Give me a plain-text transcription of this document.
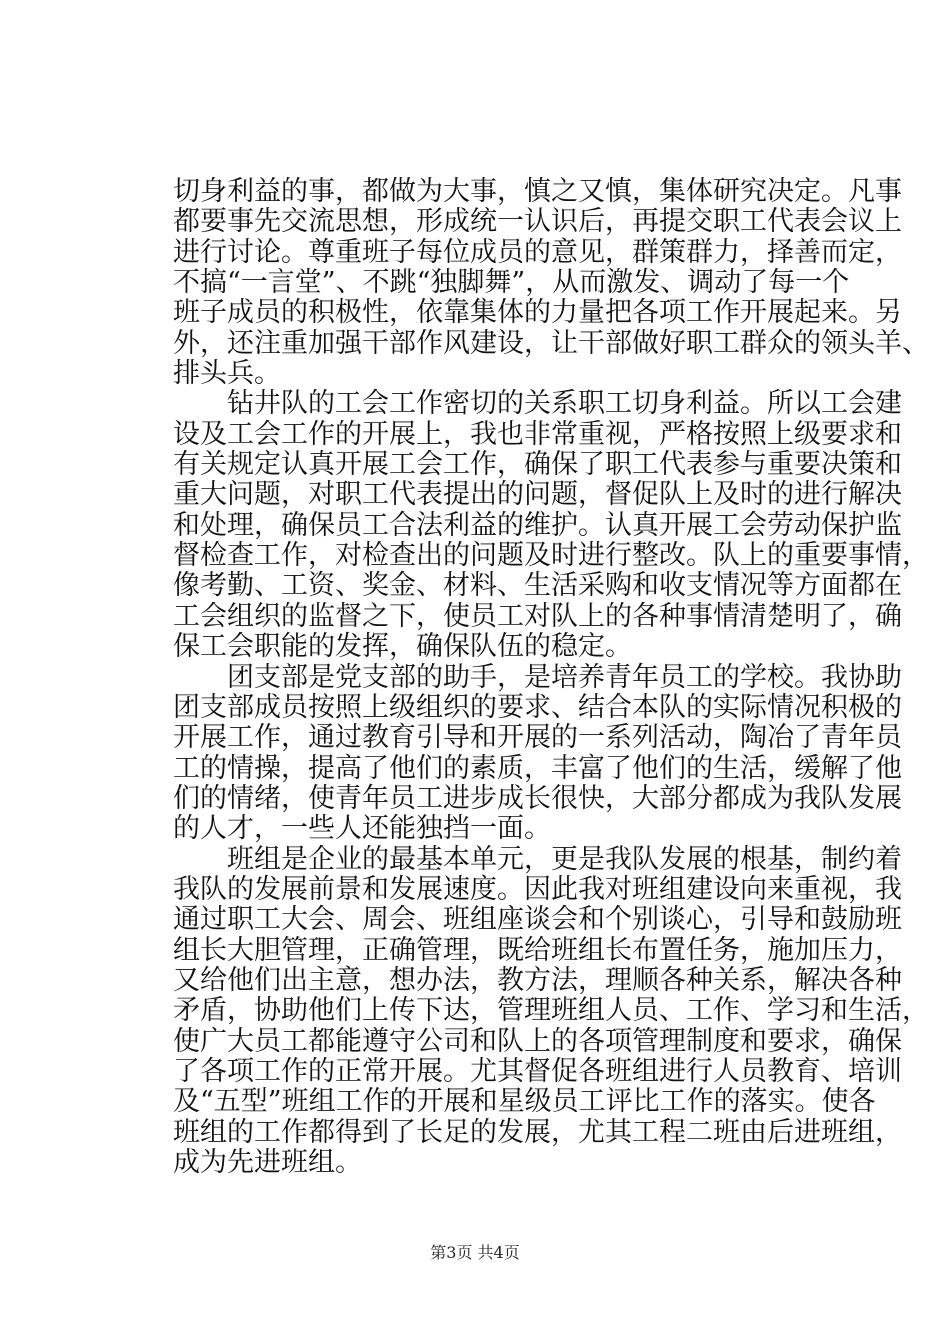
切身利益的事，都做为大事，慎之又慎，集体研究决定。凡事
都要事先交流思想，形成统一认识后，再提交职工代表会议上
进行讨论。尊重班子每位成员的意见，群策群力，择善而定，
不搞“一言堂”、不跳“独脚舞”，从而激发、调动了每一个
班子成员的积极性，依靠集体的力量把各项工作开展起来。另
外，还注重加强干部作风建设，让干部做好职工群众的领头羊、
排头兵。
　　钻井队的工会工作密切的关系职工切身利益。所以工会建
设及工会工作的开展上，我也非常重视，严格按照上级要求和
有关规定认真开展工会工作，确保了职工代表参与重要决策和
重大问题，对职工代表提出的问题，督促队上及时的进行解决
和处理，确保员工合法利益的维护。认真开展工会劳动保护监
督检查工作，对检查出的问题及时进行整改。队上的重要事情，
像考勤、工资、奖金、材料、生活采购和收支情况等方面都在
工会组织的监督之下，使员工对队上的各种事情清楚明了，确
保工会职能的发挥，确保队伍的稳定。
　　团支部是党支部的助手，是培养青年员工的学校。我协助
团支部成员按照上级组织的要求、结合本队的实际情况积极的
开展工作，通过教育引导和开展的一系列活动，陶冶了青年员
工的情操，提高了他们的素质，丰富了他们的生活，缓解了他
们的情绪，使青年员工进步成长很快，大部分都成为我队发展
的人才，一些人还能独挡一面。
　　班组是企业的最基本单元，更是我队发展的根基，制约着
我队的发展前景和发展速度。因此我对班组建设向来重视，我
通过职工大会、周会、班组座谈会和个别谈心，引导和鼓励班
组长大胆管理，正确管理，既给班组长布置任务，施加压力，
又给他们出主意，想办法，教方法，理顺各种关系，解决各种
矛盾，协助他们上传下达，管理班组人员、工作、学习和生活，
使广大员工都能遵守公司和队上的各项管理制度和要求，确保
了各项工作的正常开展。尤其督促各班组进行人员教育、培训
及“五型”班组工作的开展和星级员工评比工作的落实。使各
班组的工作都得到了长足的发展，尤其工程二班由后进班组，
成为先进班组。
第3页 共4页
